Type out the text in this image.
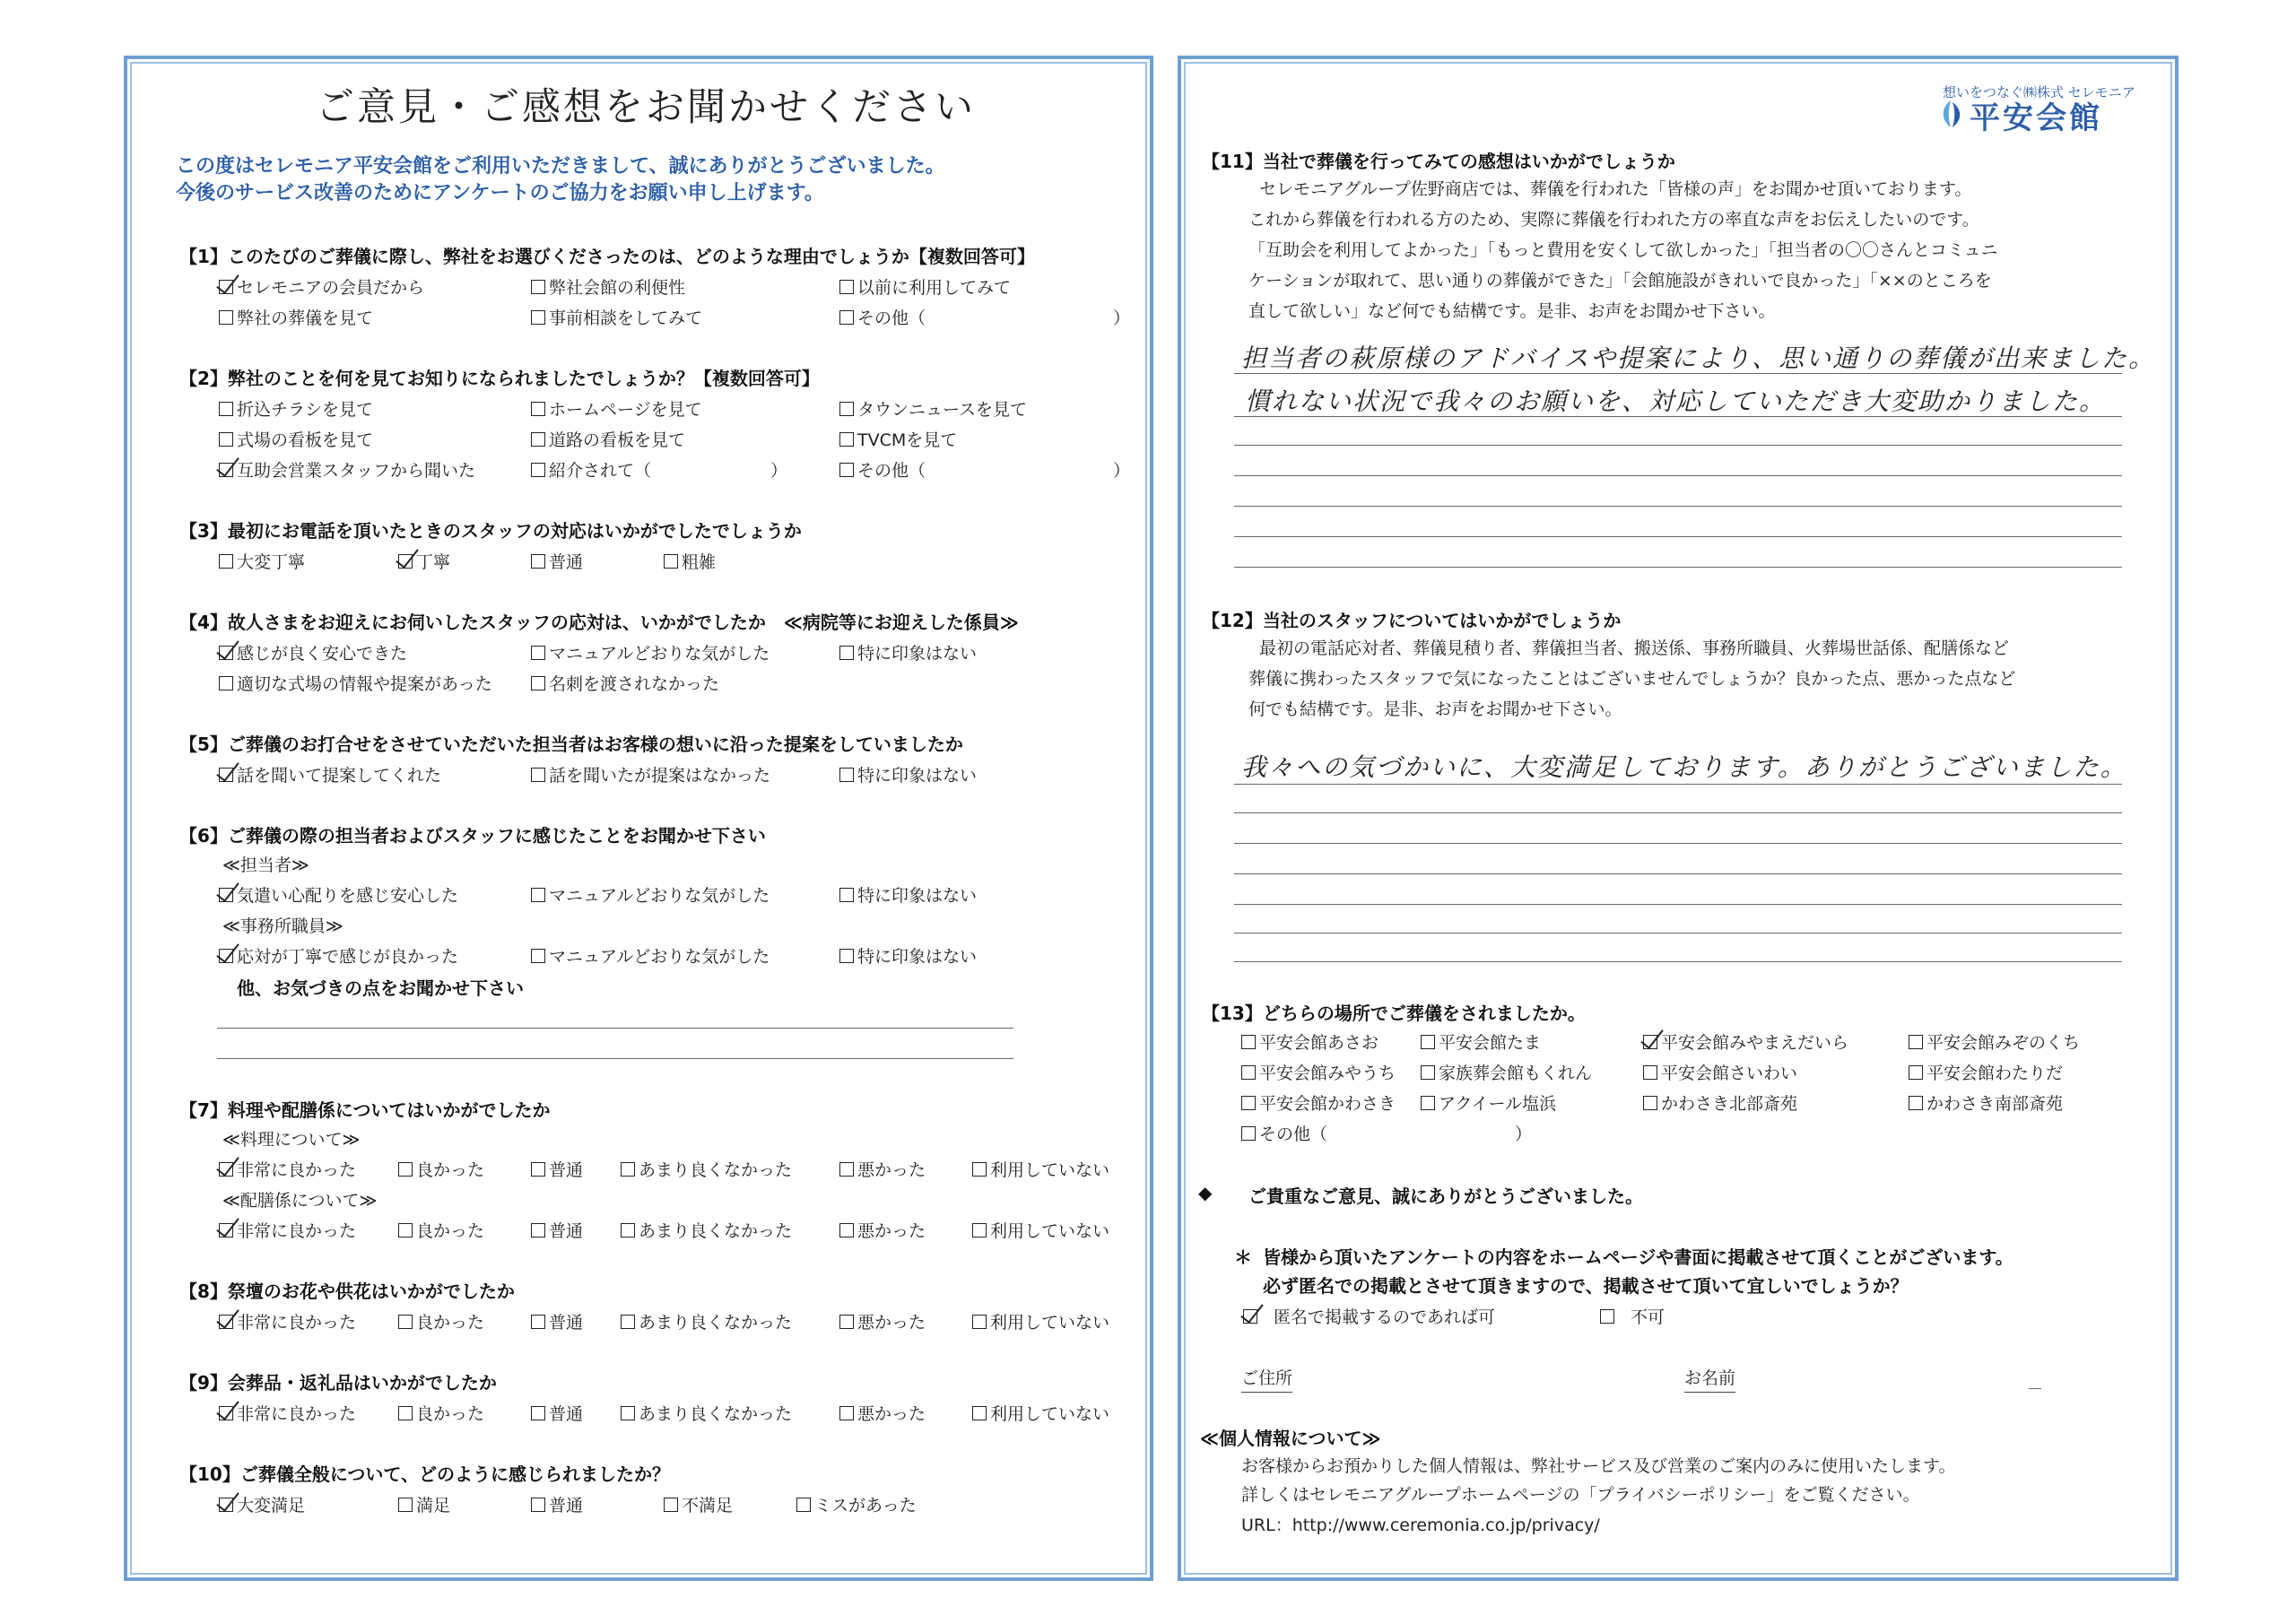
ご意見・ご感想をお聞かせください
この度はセレモニア平安会館をご利用いただきまして、誠にありがとうございました。
今後のサービス改善のためにアンケートのご協力をお願い申し上げます。
【1】このたびのご葬儀に際し、弊社をお選びくださったのは、どのような理由でしょうか【複数回答可】
セレモニアの会員だから	弊社会館の利便性	以前に利用してみて
弊社の葬儀を見て	事前相談をしてみて	その他（　　　　　　　　　　　）
【2】弊社のことを何を見てお知りになられましたでしょうか？【複数回答可】
折込チラシを見て	ホームページを見て	タウンニュースを見て
式場の看板を見て	道路の看板を見て	TVCMを見て
互助会営業スタッフから聞いた	紹介されて（　　　　　　　）	その他（　　　　　　　　　　　）
【3】最初にお電話を頂いたときのスタッフの対応はいかがでしたでしょうか
大変丁寧	丁寧	普通	粗雑
【4】故人さまをお迎えにお伺いしたスタッフの応対は、いかがでしたか　≪病院等にお迎えした係員≫
感じが良く安心できた	マニュアルどおりな気がした	特に印象はない
適切な式場の情報や提案があった	名刺を渡されなかった
【5】ご葬儀のお打合せをさせていただいた担当者はお客様の想いに沿った提案をしていましたか
話を聞いて提案してくれた	話を聞いたが提案はなかった	特に印象はない
【6】ご葬儀の際の担当者およびスタッフに感じたことをお聞かせ下さい
≪担当者≫
気遣い心配りを感じ安心した	マニュアルどおりな気がした	特に印象はない
≪事務所職員≫
応対が丁寧で感じが良かった	マニュアルどおりな気がした	特に印象はない
他、お気づきの点をお聞かせ下さい
【7】料理や配膳係についてはいかがでしたか
≪料理について≫
非常に良かった	良かった	普通	あまり良くなかった	悪かった	利用していない
≪配膳係について≫
非常に良かった	良かった	普通	あまり良くなかった	悪かった	利用していない
【8】祭壇のお花や供花はいかがでしたか
非常に良かった	良かった	普通	あまり良くなかった	悪かった	利用していない
【9】会葬品・返礼品はいかがでしたか
非常に良かった	良かった	普通	あまり良くなかった	悪かった	利用していない
【10】ご葬儀全般について、どのように感じられましたか？
大変満足	満足	普通	不満足	ミスがあった
想いをつなぐ㈱株式 セレモニア
平安会館
【11】当社で葬儀を行ってみての感想はいかがでしょうか
セレモニアグループ佐野商店では、葬儀を行われた「皆様の声」をお聞かせ頂いております。
これから葬儀を行われる方のため、実際に葬儀を行われた方の率直な声をお伝えしたいのです。
「互助会を利用してよかった」「もっと費用を安くして欲しかった」「担当者の〇〇さんとコミュニ
ケーションが取れて、思い通りの葬儀ができた」「会館施設がきれいで良かった」「××のところを
直して欲しい」など何でも結構です。是非、お声をお聞かせ下さい。
担当者の萩原様のアドバイスや提案により、思い通りの葬儀が出来ました。
慣れない状況で我々のお願いを、対応していただき大変助かりました。
【12】当社のスタッフについてはいかがでしょうか
最初の電話応対者、葬儀見積り者、葬儀担当者、搬送係、事務所職員、火葬場世話係、配膳係など
葬儀に携わったスタッフで気になったことはございませんでしょうか？良かった点、悪かった点など
何でも結構です。是非、お声をお聞かせ下さい。
我々への気づかいに、大変満足しております。ありがとうございました。
【13】どちらの場所でご葬儀をされましたか。
平安会館あさお	平安会館たま	平安会館みやまえだいら	平安会館みぞのくち
平安会館みやうち	家族葬会館もくれん	平安会館さいわい	平安会館わたりだ
平安会館かわさき	アクイール塩浜	かわさき北部斎苑	かわさき南部斎苑
その他（　　　　　　　　　　　）
◆ ご貴重なご意見、誠にありがとうございました。
＊ 皆様から頂いたアンケートの内容をホームページや書面に掲載させて頂くことがございます。
必ず匿名での掲載とさせて頂きますので、掲載させて頂いて宜しいでしょうか？
匿名で掲載するのであれば可	不可
ご住所	お名前
≪個人情報について≫
お客様からお預かりした個人情報は、弊社サービス及び営業のご案内のみに使用いたします。
詳しくはセレモニアグループホームページの「プライバシーポリシー」をご覧ください。
URL：http://www.ceremonia.co.jp/privacy/
